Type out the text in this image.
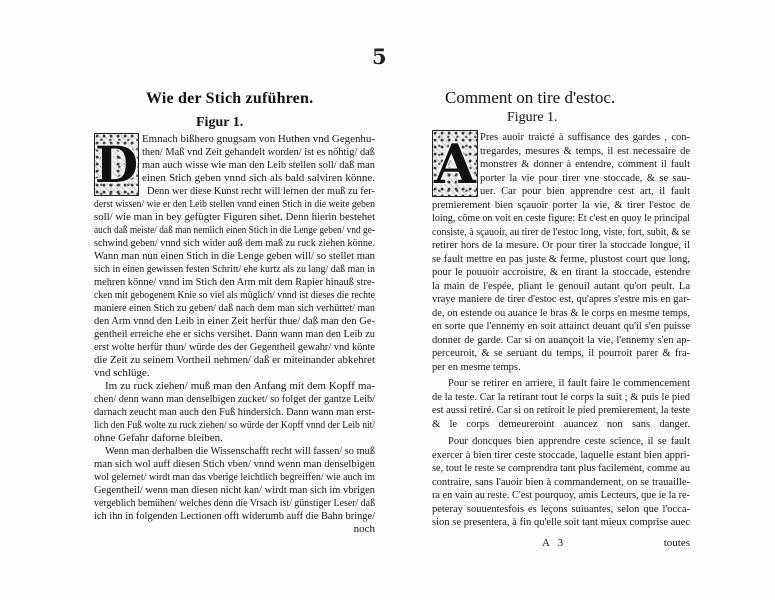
5
Wie der Stich zuführen.
Figur 1.
D Emnach bißhero gnugsam von Huthen vnd Gegenhu-
then/ Maß vnd Zeit gehandelt worden/ ist es nöhtig/ daß
man auch wisse wie man den Leib stellen soll/ daß man
einen Stich geben vnnd sich als bald salviren könne.
Denn wer diese Kunst recht will lernen der muß zu fer-
derst wissen/ wie er den Leib stellen vnnd einen Stich in die weite geben
soll/ wie man in bey gefügter Figuren sihet. Denn hierin bestehet
auch daß meiste/ daß man nemlich einen Stich in die Lenge geben/ vnd ge-
schwind geben/ vnnd sich wider auß dem maß zu ruck ziehen könne.
Wann man nun einen Stich in die Lenge geben will/ so stellet man
sich in einen gewissen festen Schritt/ ehe kurtz als zu lang/ daß man in
mehren könne/ vnnd im Stich den Arm mit dem Rapier hinauß stre-
cken mit gebogenem Knie so viel als müglich/ vnnd ist dieses die rechte
maniere einen Stich zu geben/ daß nach dem man sich verhüttet/ man
den Arm vnnd den Leib in einer Zeit herfür thue/ daß man den Ge-
gentheil erreiche ehe er sichs versihet. Dann wann man den Leib zu
erst wolte herfür thun/ würde des der Gegentheil gewahr/ vnd könte
die Zeit zu seinem Vortheil nehmen/ daß er miteinander abkehret
vnd schlüge.
Im zu ruck ziehen/ muß man den Anfang mit dem Kopff ma-
chen/ denn wann man denselbigen zucket/ so folget der gantze Leib/
darnach zeucht man auch den Fuß hindersich. Dann wann man erst-
lich den Fuß wolte zu ruck ziehen/ so würde der Kopff vnnd der Leib nit/
ohne Gefahr daforne bleiben.
Wenn man derhalben die Wissenschafft recht will fassen/ so muß
man sich wol auff diesen Stich vben/ vnnd wenn man denselbigen
wol gelernet/ wirdt man das vberige leichtlich begreiffen/ wie auch im
Gegentheil/ wenn man diesen nicht kan/ wirdt man sich im vbrigen
vergeblich bemühen/ welches denn die Vrsach ist/ günstiger Leser/ daß
ich ihn in folgenden Lectionen offt widerumb auff die Bahn bringe/
noch
Comment on tire d'estoc.
Figure 1.
A Pres auoir traicté à suffisance des gardes , con-
tregardes, mesures & temps, il est necessaire de
monstrer & donner à entendre, comment il fault
porter la vie pour tirer vne stoccade, & se sau-
uer. Car pour bien apprendre cest art, il fault
premierement bien sçauoir porter la vie, & tirer l'estoc de
loing, cõme on voit en ceste figure: Et c'est en quoy le principal
consiste, à sçauoir, au tirer de l'estoc long, viste, fort, subit, & se
retirer hors de la mesure. Or pour tirer la stoccade longue, il
se fault mettre en pas juste & ferme, plustost court que long,
pour le pouuoir accroistre, & en tirant la stoccade, estendre
la main de l'espée, pliant le genouil autant qu'on peult. La
vraye maniere de tirer d'estoc est, qu'apres s'estre mis en gar-
de, on estende ou auance le bras & le corps en mesme temps,
en sorte que l'ennemy en soit attainct deuant qu'il s'en puisse
donner de garde. Car si on auançoit la vie, l'ennemy s'en ap-
perceuroit, & se seruant du temps, il pourroit parer & fra-
per en mesme temps.
Pour se retirer en arriere, il fault faire le commencement
de la teste. Car la retirant tout le corps la suit ; & puis le pied
est aussi retiré. Car si on retiroit le pied premierement, la teste
& le corps demeureroint auancez non sans danger.
Pour doncques bien apprendre ceste science, il se fault
exercer à bien tirer ceste stoccade, laquelle estant bien appri-
se, tout le reste se comprendra tant plus facilement, comme au
contraire, sans l'auoir bien à commandement, on se trauaille-
ra en vain au reste. C'est pourquoy, amis Lecteurs, que ie la re-
peteray souuentesfois es leçons suiuantes, selon que l'occa-
sion se presentera, à fin qu'elle soit tant mieux comprise auec
A   3	toutes
